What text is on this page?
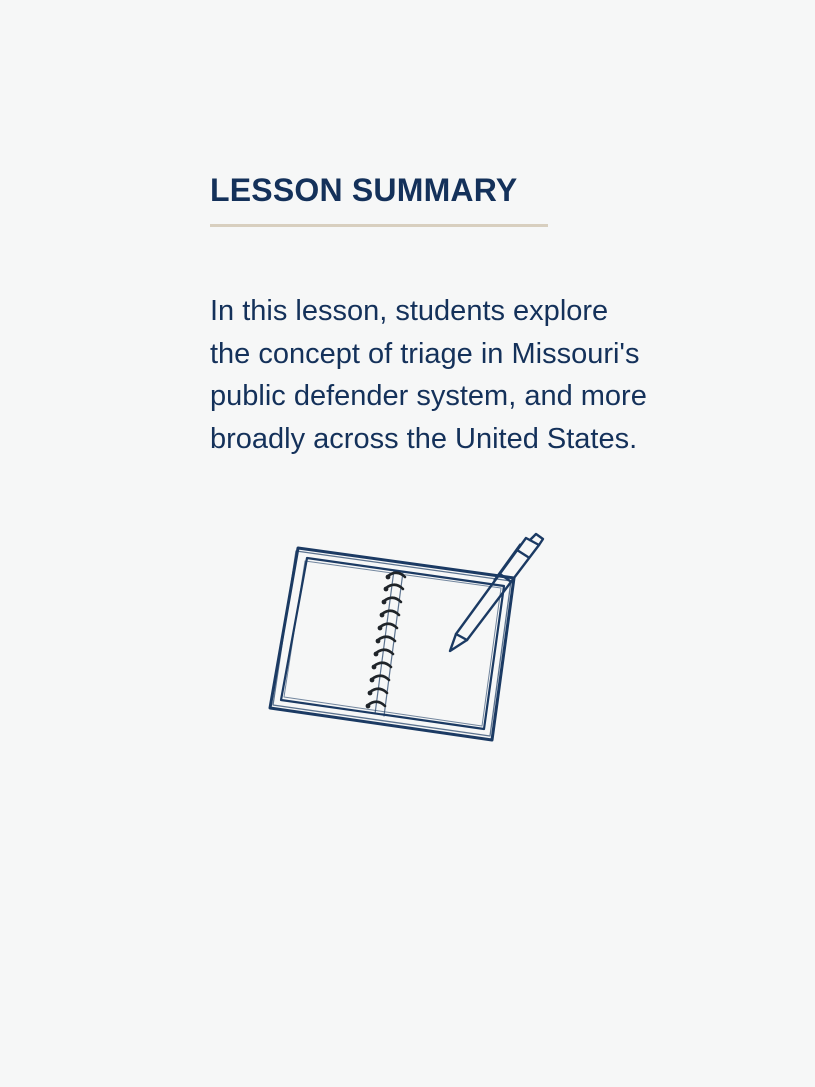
LESSON SUMMARY

In this lesson, students explore the concept of triage in Missouri's public defender system, and more broadly across the United States.
